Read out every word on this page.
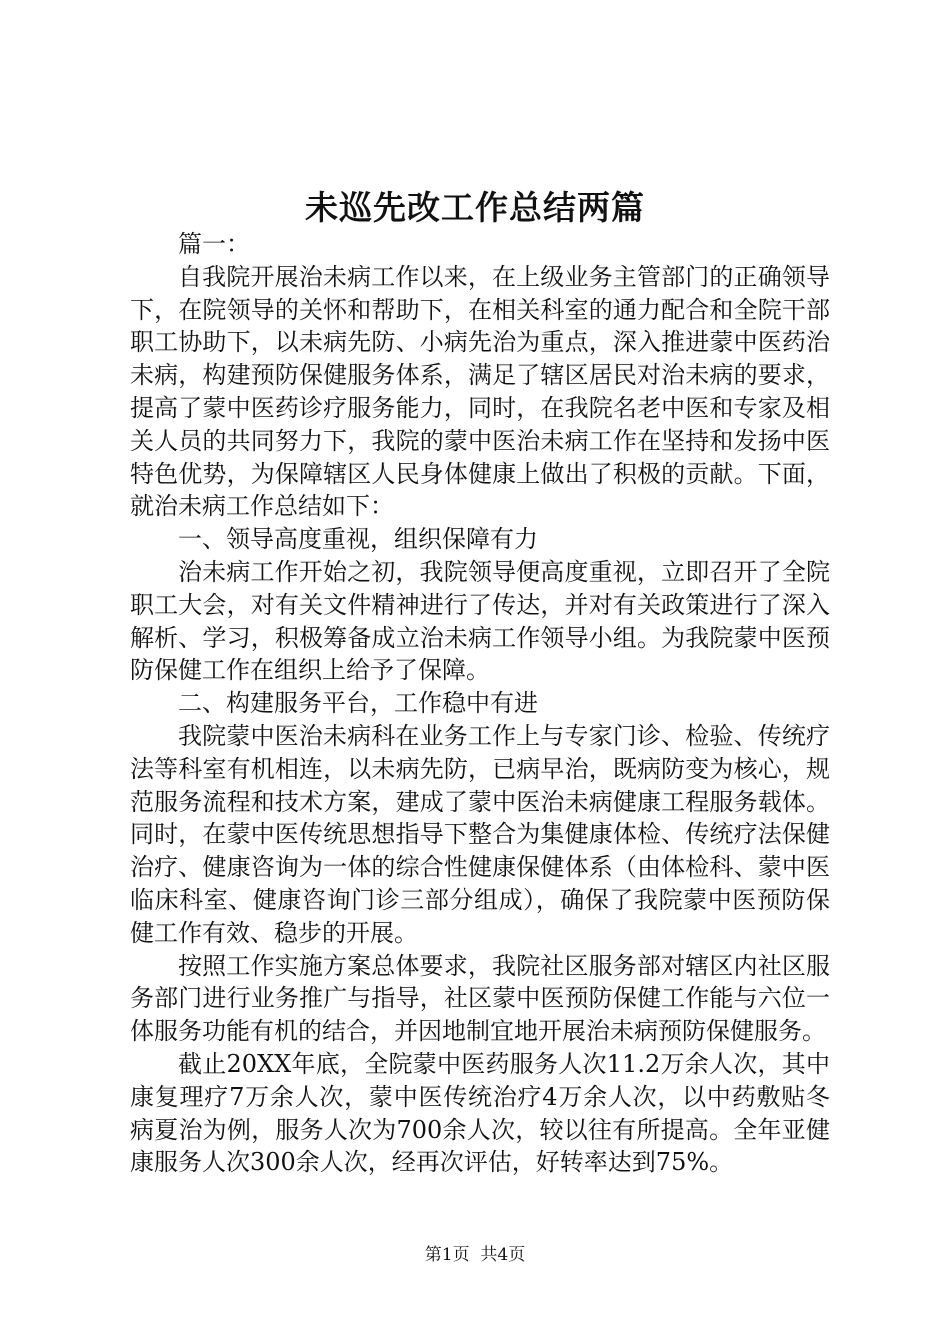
未巡先改工作总结两篇

篇一：

自我院开展治未病工作以来，在上级业务主管部门的正确领导下，在院领导的关怀和帮助下，在相关科室的通力配合和全院干部职工协助下，以未病先防、小病先治为重点，深入推进蒙中医药治未病，构建预防保健服务体系，满足了辖区居民对治未病的要求，提高了蒙中医药诊疗服务能力，同时，在我院名老中医和专家及相关人员的共同努力下，我院的蒙中医治未病工作在坚持和发扬中医特色优势，为保障辖区人民身体健康上做出了积极的贡献。下面，就治未病工作总结如下：

一、领导高度重视，组织保障有力

治未病工作开始之初，我院领导便高度重视，立即召开了全院职工大会，对有关文件精神进行了传达，并对有关政策进行了深入解析、学习，积极筹备成立治未病工作领导小组。为我院蒙中医预防保健工作在组织上给予了保障。

二、构建服务平台，工作稳中有进

我院蒙中医治未病科在业务工作上与专家门诊、检验、传统疗法等科室有机相连，以未病先防，已病早治，既病防变为核心，规范服务流程和技术方案，建成了蒙中医治未病健康工程服务载体。同时，在蒙中医传统思想指导下整合为集健康体检、传统疗法保健治疗、健康咨询为一体的综合性健康保健体系（由体检科、蒙中医临床科室、健康咨询门诊三部分组成），确保了我院蒙中医预防保健工作有效、稳步的开展。

按照工作实施方案总体要求，我院社区服务部对辖区内社区服务部门进行业务推广与指导，社区蒙中医预防保健工作能与六位一体服务功能有机的结合，并因地制宜地开展治未病预防保健服务。

截止20XX年底，全院蒙中医药服务人次11.2万余人次，其中康复理疗7万余人次，蒙中医传统治疗4万余人次，以中药敷贴冬病夏治为例，服务人次为700余人次，较以往有所提高。全年亚健康服务人次300余人次，经再次评估，好转率达到75%。

第1页 共4页
